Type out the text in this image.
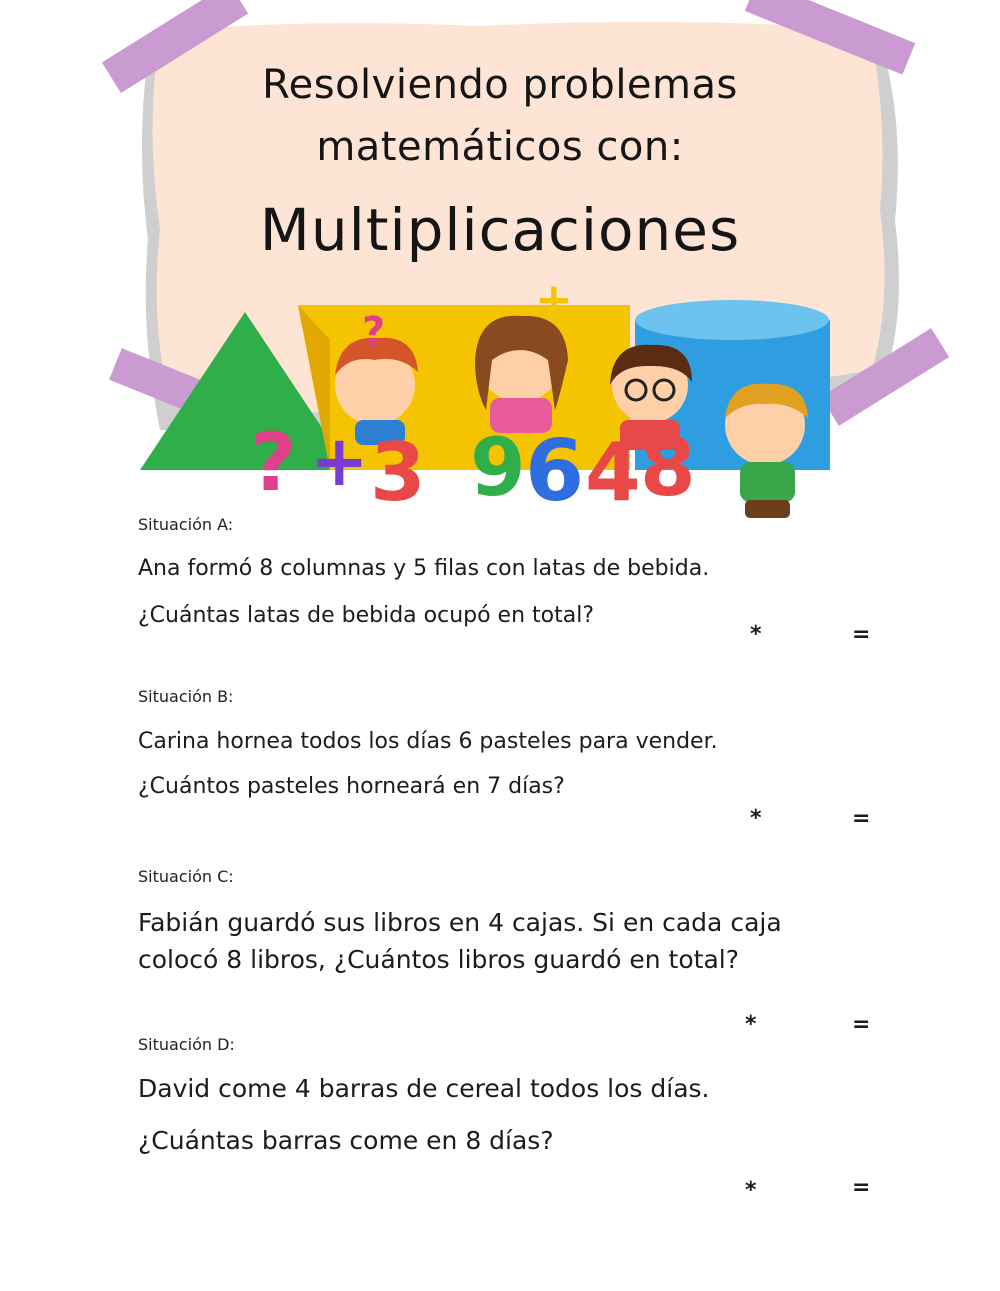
? + 3 9 6 4 8
?
+
Resolviendo problemas
matemáticos con:
Multiplicaciones
Situación A:
Ana formó 8 columnas y 5 filas con latas de bebida.
¿Cuántas latas de bebida ocupó en total?
*	=
Situación B:
Carina hornea todos los días 6 pasteles para vender.
¿Cuántos pasteles horneará en 7 días?
*	=
Situación C:
Fabián guardó sus libros en 4 cajas. Si en cada caja colocó 8 libros, ¿Cuántos libros guardó en total?
*	=
Situación D:
David come 4 barras de cereal todos los días.
¿Cuántas barras come en 8 días?
*	=
